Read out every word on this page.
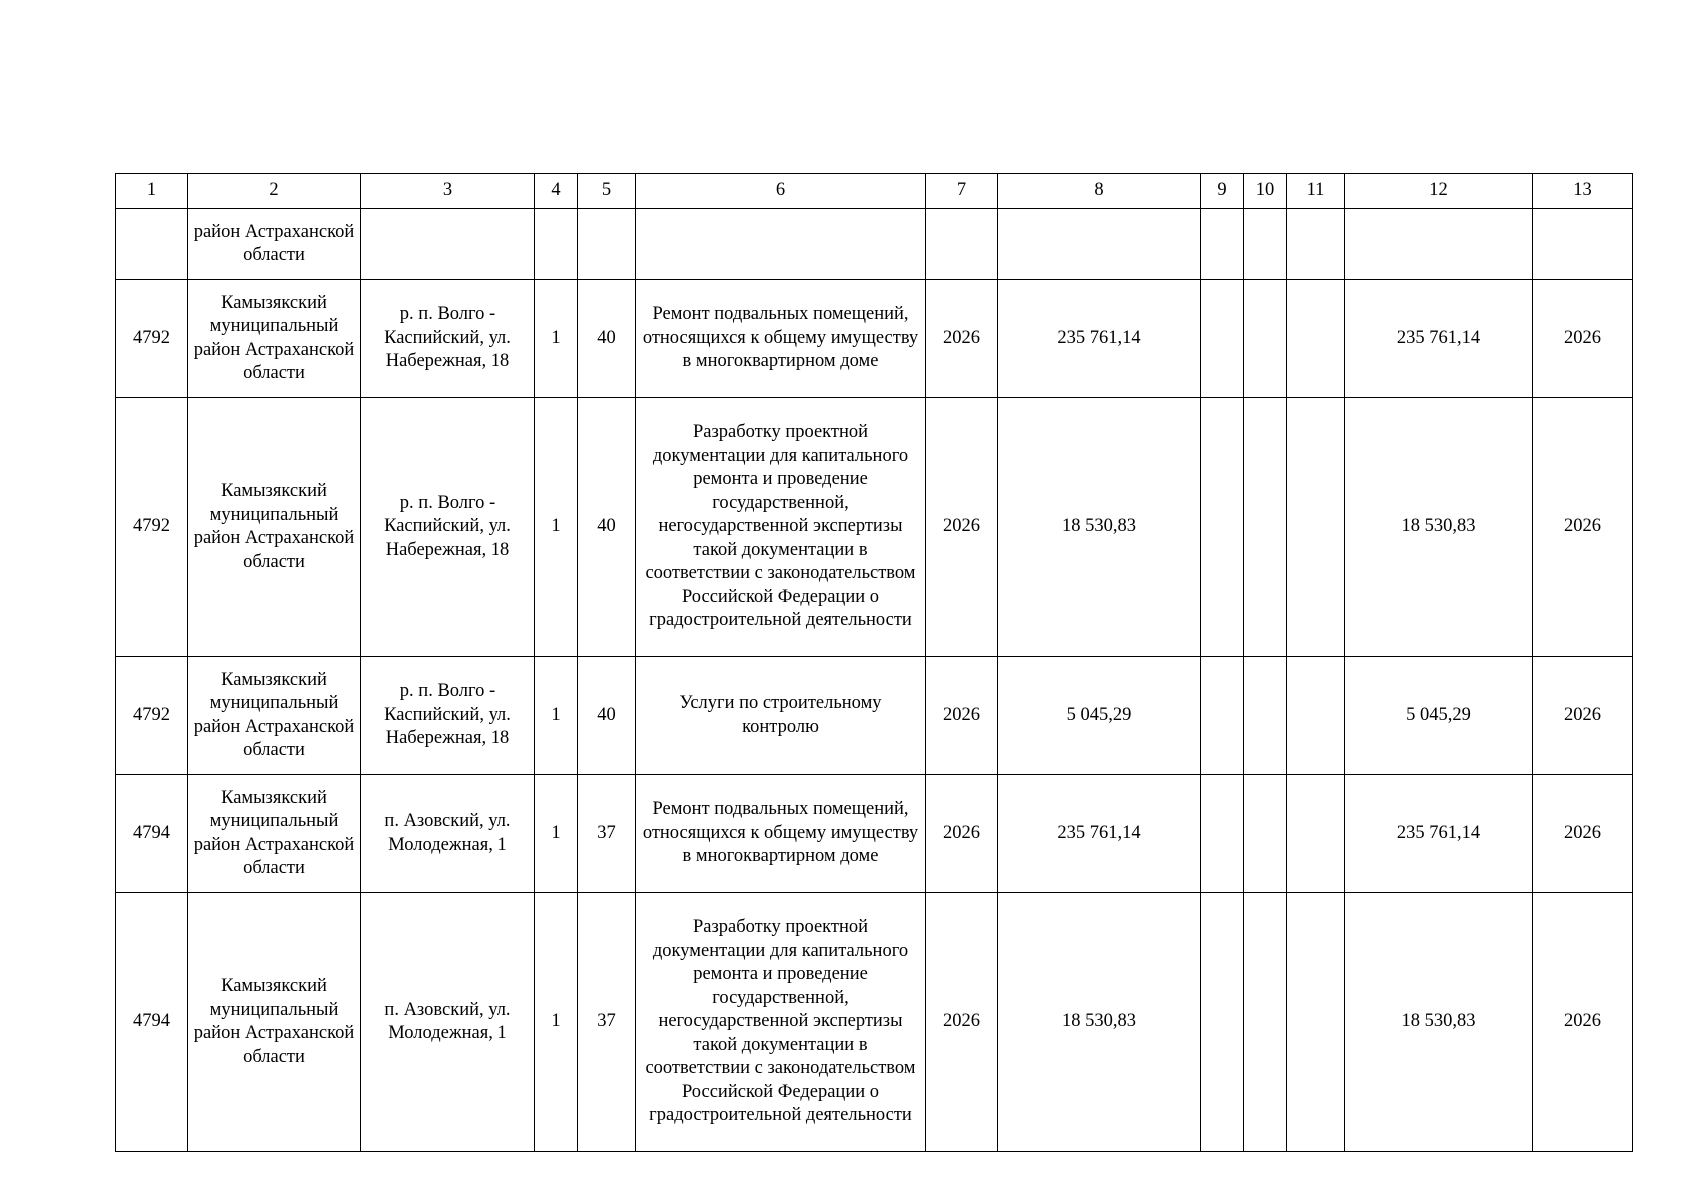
1	2	3	4	5	6	7	8	9	10	11	12	13
	район Астраханской области											
4792	Камызякский муниципальный район Астраханской области	р. п. Волго - Каспийский, ул. Набережная, 18	1	40	Ремонт подвальных помещений, относящихся к общему имуществу в многоквартирном доме	2026	235 761,14				235 761,14	2026
4792	Камызякский муниципальный район Астраханской области	р. п. Волго - Каспийский, ул. Набережная, 18	1	40	Разработку проектной документации для капитального ремонта и проведение государственной, негосударственной экспертизы такой документации в соответствии с законодательством Российской Федерации о градостроительной деятельности	2026	18 530,83				18 530,83	2026
4792	Камызякский муниципальный район Астраханской области	р. п. Волго - Каспийский, ул. Набережная, 18	1	40	Услуги по строительному контролю	2026	5 045,29				5 045,29	2026
4794	Камызякский муниципальный район Астраханской области	п. Азовский, ул. Молодежная, 1	1	37	Ремонт подвальных помещений, относящихся к общему имуществу в многоквартирном доме	2026	235 761,14				235 761,14	2026
4794	Камызякский муниципальный район Астраханской области	п. Азовский, ул. Молодежная, 1	1	37	Разработку проектной документации для капитального ремонта и проведение государственной, негосударственной экспертизы такой документации в соответствии с законодательством Российской Федерации о градостроительной деятельности	2026	18 530,83				18 530,83	2026
